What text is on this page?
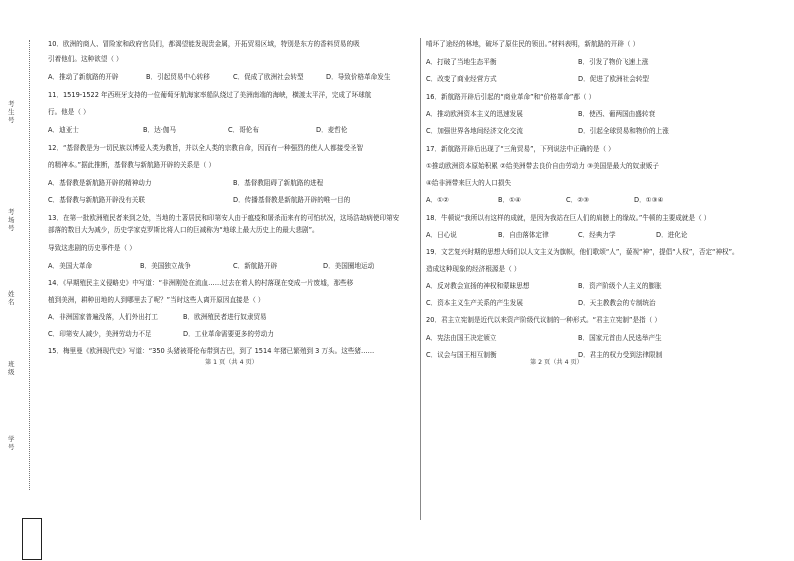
考生号
考场号
姓名
班级
学号
10．欧洲的商人、冒险家和政府官员们，都渴望能发现贵金属，开拓贸易区域，特别是东方的香料贸易的吸
引着他们。这种欲望（ ）
A．推动了新航路的开辟	B．引起贸易中心转移	C．促成了欧洲社会转型	D．导致价格革命发生
11．1519-1522 年西班牙支持的一位葡萄牙航海家率船队绕过了美洲南端的海峡，横渡太平洋，完成了环球航
行。他是（ ）
A．迪亚士	B．达·伽马	C．哥伦布	D．麦哲伦
12．“基督教是为一切民族以博爱人类为教旨，并以全人类的宗教自命，因而有一种强烈的使人人都接受圣智
的精神本。”据此推断，基督教与新航路开辟的关系是（ ）
A．基督教是新航路开辟的精神动力	B．基督教阻碍了新航路的进程
C．基督教与新航路开辟没有关联	D．传播基督教是新航路开辟的唯一目的
13．在第一批欧洲殖民者来到之处，当地的土著居民和印第安人由于瘟疫和屠杀而来有的可怕状况，这场浩劫病使印第安
部落的数目大为减少，历史学家克罗斯比将人口的巨减称为“地球上最大历史上的最大悲剧”。
导致这悲剧的历史事件是（ ）
A．美国大革命	B．美国独立战争	C．新航路开辟	D．美国圈地运动
14．《早期殖民主义侵略史》中写道：“非洲刚处在流血……过去在着人的村落现在变成一片废墟，那些移
植到美洲，耕种田地的人到哪里去了呢？”当时这些人离开原因直接是（ ）
A．非洲国家普遍没落，人们外出打工	B．欧洲殖民者进行奴隶贸易
C．印第安人减少，美洲劳动力不足	D．工业革命需要更多的劳动力
15．梅里曼《欧洲现代史》写道：“350 头猪被哥伦布带到古巴，到了 1514 年猪已繁殖到 3 万头。这些猪……
第 1 页（共 4 页）
啃坏了途经的林地，破坏了原住民的领田。”材料表明，新航路的开辟（ ）
A．打破了当地生态平衡	B．引发了物价飞速上涨
C．改变了商业经营方式	D．促进了欧洲社会转型
16．新航路开辟后引起的“商业革命”和“价格革命”都（ ）
A．推动欧洲资本主义的迅速发展	B．使西、葡两国由盛转衰
C．加强世界各地间经济文化交流	D．引起全球贸易和物价的上涨
17．新航路开辟后出现了“三角贸易”，下列说法中正确的是（ ）
①推动欧洲资本原始积累 ②给美洲带去良价自由劳动力 ③美国是最大的奴隶贩子
④给非洲带来巨大的人口损失
A．①②	B．①④	C．②③	D．①③④
18．牛顿说“我所以有这样的成就，是因为我站在巨人们的肩膀上的缘故。”牛顿的主要成就是（ ）
A．日心说	B．自由落体定律	C．经典力学	D．进化论
19．文艺复兴时期的思想大师们以人文主义为旗帜，他们歌颂“人”，藐视“神”，提倡“人权”，否定“神权”。
造成这种现象的经济根源是（ ）
A．反对教会宣扬的神权和蒙昧思想	B．资产阶级个人主义的膨胀
C．资本主义生产关系的产生发展	D．天主教教会的专制统治
20．君主立宪制是近代以来资产阶级代议制的一种形式。“君主立宪制”是指（ ）
A．宪法由国王决定颁立	B．国家元首由人民选举产生
C．议会与国王相互制衡	D．君主的权力受到法律限制
第 2 页（共 4 页）
